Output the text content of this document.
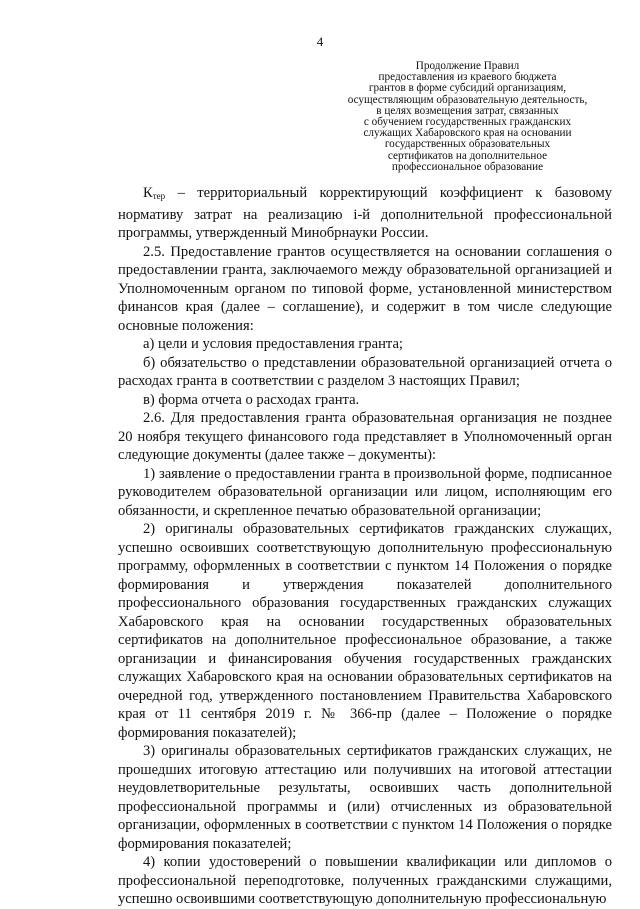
4
Продолжение Правил
предоставления из краевого бюджета
грантов в форме субсидий организациям,
осуществляющим образовательную деятельность,
в целях возмещения затрат, связанных
с обучением государственных гражданских
служащих Хабаровского края на основании
государственных образовательных
сертификатов на дополнительное
профессиональное образование

Ктер – территориальный корректирующий коэффициент к базовому нормативу затрат на реализацию i-й дополнительной профессиональной программы, утвержденный Минобрнауки России.

2.5. Предоставление грантов осуществляется на основании соглашения о предоставлении гранта, заключаемого между образовательной организацией и Уполномоченным органом по типовой форме, установленной министерством финансов края (далее – соглашение), и содержит в том числе следующие основные положения:

а) цели и условия предоставления гранта;

б) обязательство о представлении образовательной организацией отчета о расходах гранта в соответствии с разделом 3 настоящих Правил;

в) форма отчета о расходах гранта.

2.6. Для предоставления гранта образовательная организация не позднее 20 ноября текущего финансового года представляет в Уполномоченный орган следующие документы (далее также – документы):

1) заявление о предоставлении гранта в произвольной форме, подписанное руководителем образовательной организации или лицом, исполняющим его обязанности, и скрепленное печатью образовательной организации;

2) оригиналы образовательных сертификатов гражданских служащих, успешно освоивших соответствующую дополнительную профессиональную программу, оформленных в соответствии с пунктом 14 Положения о порядке формирования и утверждения показателей дополнительного профессионального образования государственных гражданских служащих Хабаровского края на основании государственных образовательных сертификатов на дополнительное профессиональное образование, а также организации и финансирования обучения государственных гражданских служащих Хабаровского края на основании образовательных сертификатов на очередной год, утвержденного постановлением Правительства Хабаровского края от 11 сентября 2019 г. № 366-пр (далее – Положение о порядке формирования показателей);

3) оригиналы образовательных сертификатов гражданских служащих, не прошедших итоговую аттестацию или получивших на итоговой аттестации неудовлетворительные результаты, освоивших часть дополнительной профессиональной программы и (или) отчисленных из образовательной организации, оформленных в соответствии с пунктом 14 Положения о порядке формирования показателей;

4) копии удостоверений о повышении квалификации или дипломов о профессиональной переподготовке, полученных гражданскими служащими, успешно освоившими соответствующую дополнительную профессиональную
